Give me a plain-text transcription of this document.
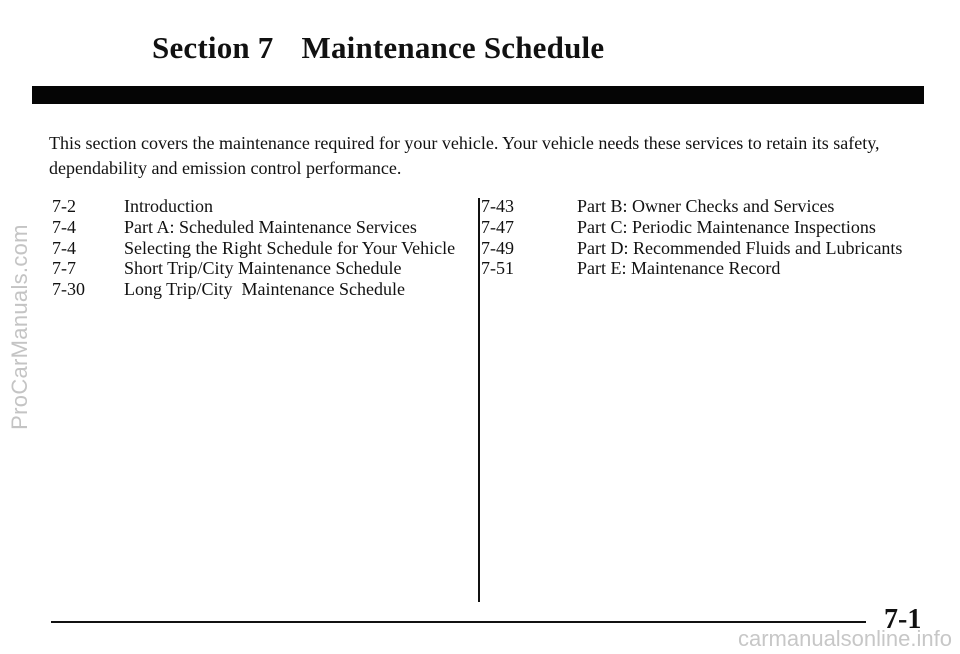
Section 7 Maintenance Schedule

This section covers the maintenance required for your vehicle. Your vehicle needs these services to retain its safety, dependability and emission control performance.

7-2	Introduction
7-4	Part A: Scheduled Maintenance Services
7-4	Selecting the Right Schedule for Your Vehicle
7-7	Short Trip/City Maintenance Schedule
7-30	Long Trip/City  Maintenance Schedule
7-43	Part B: Owner Checks and Services
7-47	Part C: Periodic Maintenance Inspections
7-49	Part D: Recommended Fluids and Lubricants
7-51	Part E: Maintenance Record
7-1
ProCarManuals.com
carmanualsonline.info
